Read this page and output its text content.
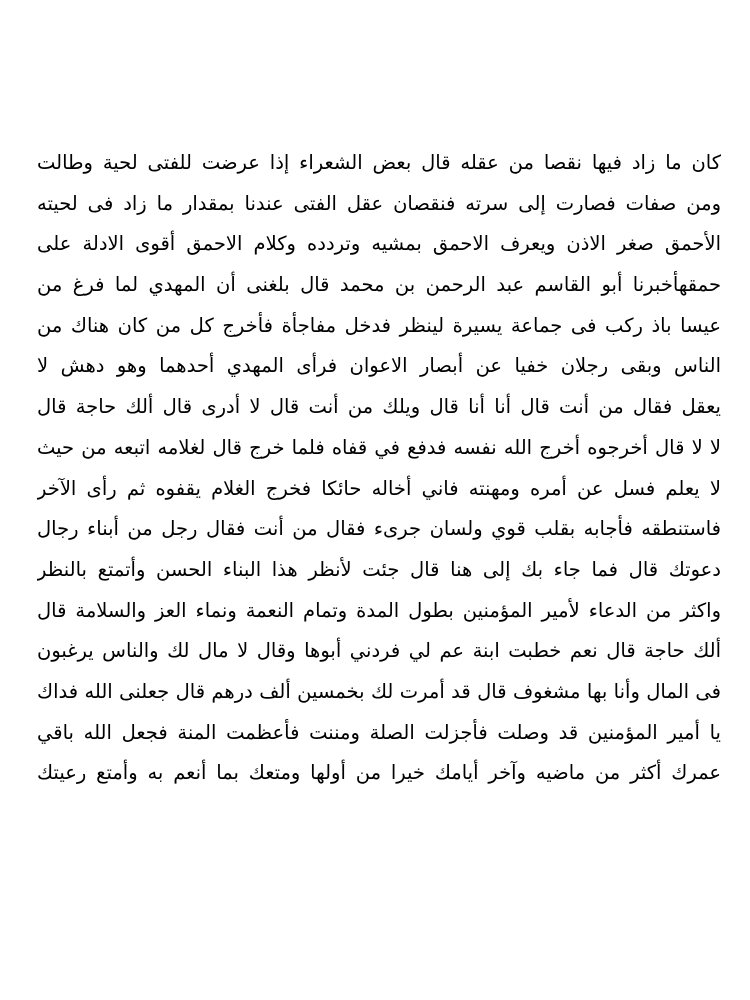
كان ما زاد فيها نقصا من عقله قال بعض الشعراء إذا عرضت للفتى لحية وطالت
ومن صفات فصارت إلى سرته فنقصان عقل الفتى عندنا بمقدار ما زاد فى لحيته
الأحمق صغر الاذن ويعرف الاحمق بمشيه وتردده وكلام الاحمق أقوى الادلة على
حمقهأخبرنا أبو القاسم عبد الرحمن بن محمد قال بلغنى أن المهدي لما فرغ من
عيسا باذ ركب فى جماعة يسيرة لينظر فدخل مفاجأة فأخرج كل من كان هناك من
الناس وبقى رجلان خفيا عن أبصار الاعوان فرأى المهدي أحدهما وهو دهش لا
يعقل فقال من أنت قال أنا أنا قال ويلك من أنت قال لا أدرى قال ألك حاجة قال
لا لا قال أخرجوه أخرج الله نفسه فدفع في قفاه فلما خرج قال لغلامه اتبعه من حيث
لا يعلم فسل عن أمره ومهنته فاني أخاله حائكا فخرج الغلام يقفوه ثم رأى الآخر
فاستنطقه فأجابه بقلب قوي ولسان جرىء فقال من أنت فقال رجل من أبناء رجال
دعوتك قال فما جاء بك إلى هنا قال جئت لأنظر هذا البناء الحسن وأتمتع بالنظر
واكثر من الدعاء لأمير المؤمنين بطول المدة وتمام النعمة ونماء العز والسلامة قال
ألك حاجة قال نعم خطبت ابنة عم لي فردني أبوها وقال لا مال لك والناس يرغبون
فى المال وأنا بها مشغوف قال قد أمرت لك بخمسين ألف درهم قال جعلنى الله فداك
يا أمير المؤمنين قد وصلت فأجزلت الصلة ومننت فأعظمت المنة فجعل الله باقي
عمرك أكثر من ماضيه وآخر أيامك خيرا من أولها ومتعك بما أنعم به وأمتع رعيتك
